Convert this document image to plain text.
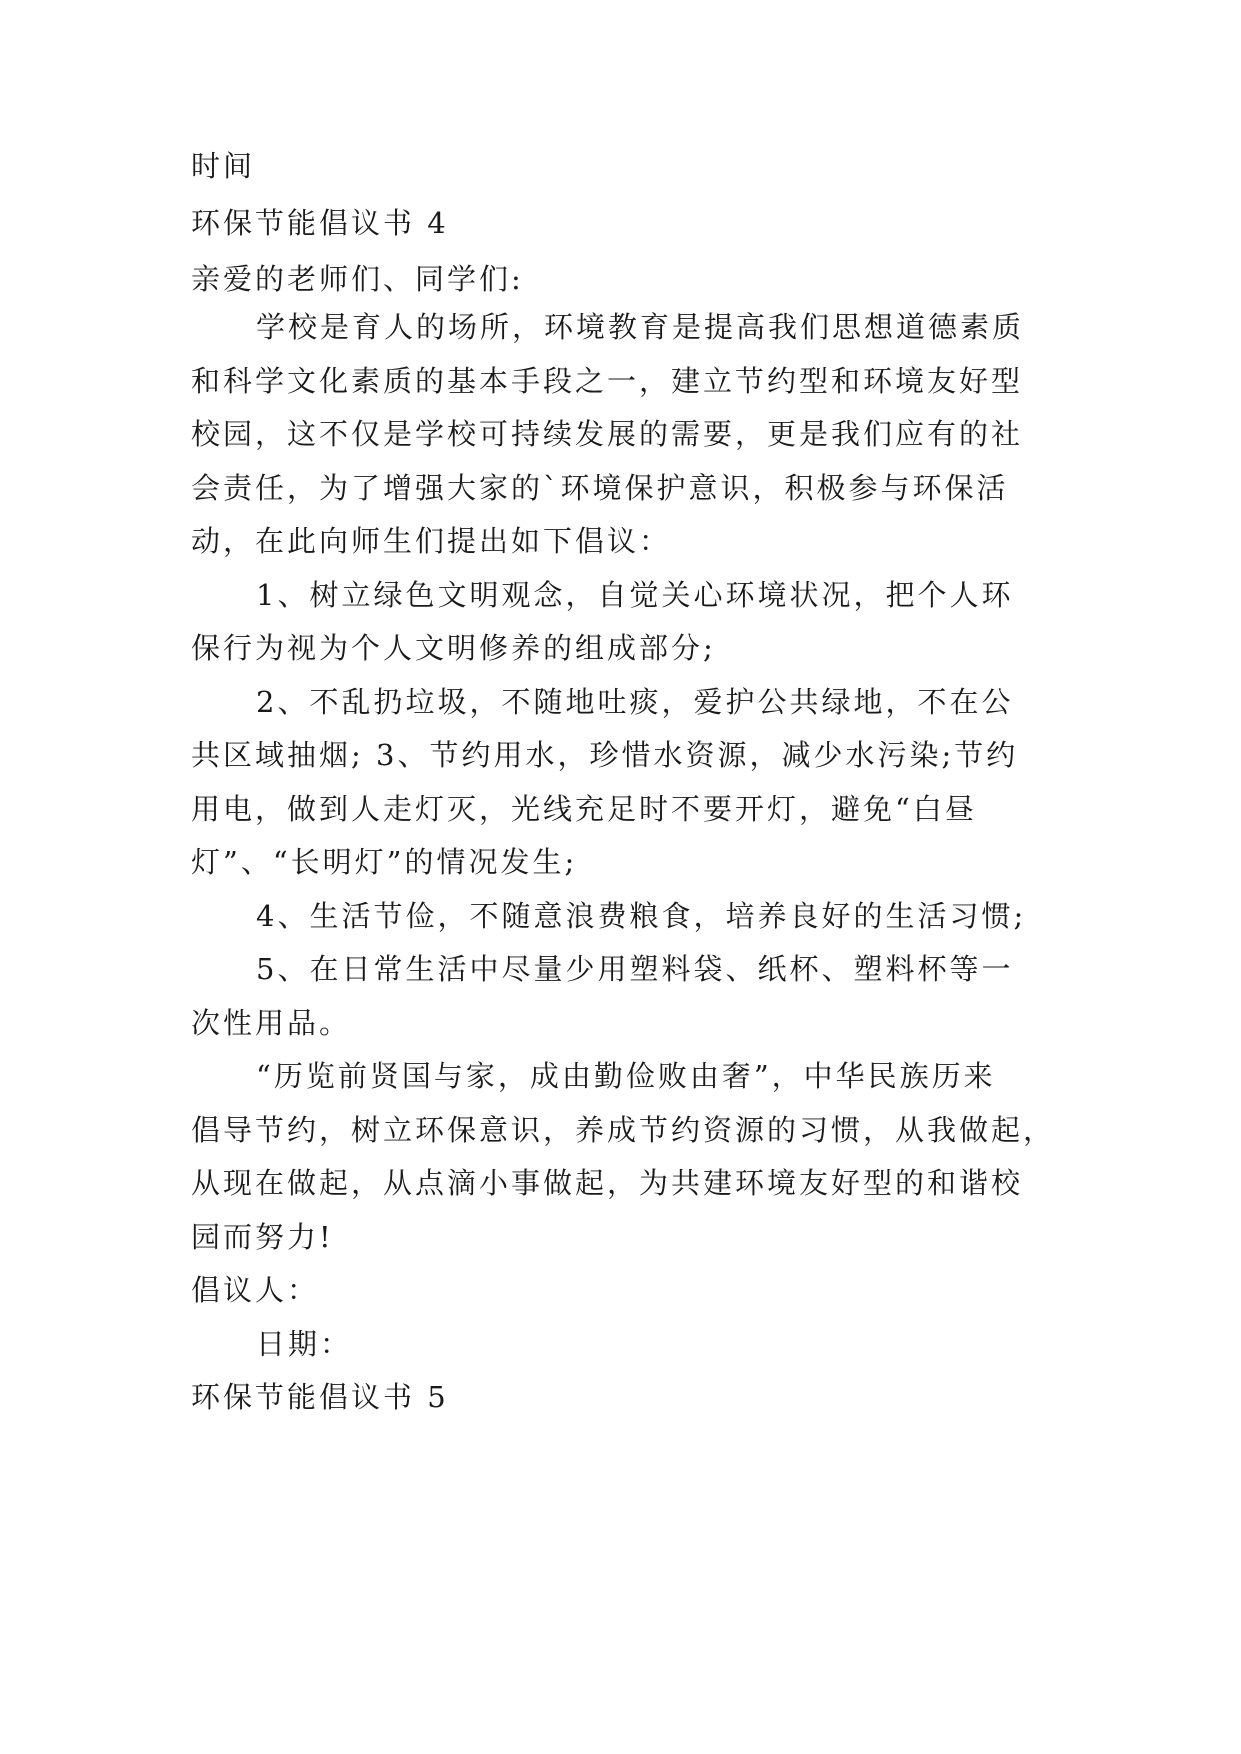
时间
环保节能倡议书 4
亲爱的老师们、同学们:
学校是育人的场所，环境教育是提高我们思想道德素质
和科学文化素质的基本手段之一，建立节约型和环境友好型
校园，这不仅是学校可持续发展的需要，更是我们应有的社
会责任，为了增强大家的`环境保护意识，积极参与环保活
动，在此向师生们提出如下倡议：
1、树立绿色文明观念，自觉关心环境状况，把个人环
保行为视为个人文明修养的组成部分;
2、不乱扔垃圾，不随地吐痰，爱护公共绿地，不在公
共区域抽烟; 3、节约用水，珍惜水资源，减少水污染;节约
用电，做到人走灯灭，光线充足时不要开灯，避免“白昼
灯”、“长明灯”的情况发生;
4、生活节俭，不随意浪费粮食，培养良好的生活习惯;
5、在日常生活中尽量少用塑料袋、纸杯、塑料杯等一
次性用品。
“历览前贤国与家，成由勤俭败由奢”，中华民族历来
倡导节约，树立环保意识，养成节约资源的习惯，从我做起，
从现在做起，从点滴小事做起，为共建环境友好型的和谐校
园而努力!
倡议人：
日期：
环保节能倡议书 5
